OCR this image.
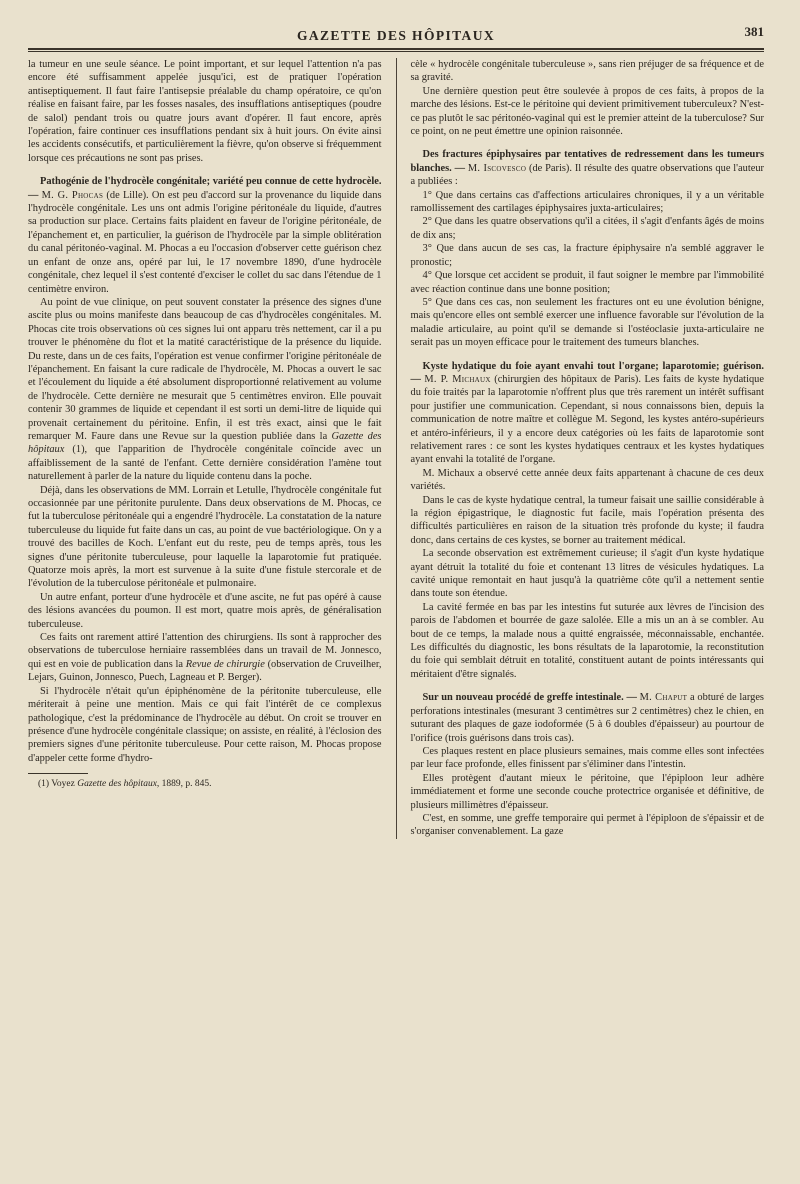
GAZETTE DES HÔPITAUX	381

la tumeur en une seule séance. Le point important, et sur lequel l'attention n'a pas encore été suffisamment appelée jusqu'ici, est de pratiquer l'opération antiseptiquement. Il faut faire l'antisepsie préalable du champ opératoire, ce qu'on réalise en faisant faire, par les fosses nasales, des insufflations antiseptiques (poudre de salol) pendant trois ou quatre jours avant d'opérer. Il faut encore, après l'opération, faire continuer ces insufflations pendant six à huit jours. On évite ainsi les accidents consécutifs, et particulièrement la fièvre, qu'on observe si fréquemment lorsque ces précautions ne sont pas prises.

Pathogénie de l'hydrocèle congénitale; variété peu connue de cette hydrocèle. — M. G. Phocas (de Lille). On est peu d'accord sur la provenance du liquide dans l'hydrocèle congénitale. Les uns ont admis l'origine péritonéale du liquide, d'autres sa production sur place. Certains faits plaident en faveur de l'origine péritonéale, de l'épanchement et, en particulier, la guérison de l'hydrocèle par la simple oblitération du canal péritonéo-vaginal. M. Phocas a eu l'occasion d'observer cette guérison chez un enfant de onze ans, opéré par lui, le 17 novembre 1890, d'une hydrocèle congénitale, chez lequel il s'est contenté d'exciser le collet du sac dans l'étendue de 1 centimètre environ.

Au point de vue clinique, on peut souvent constater la présence des signes d'une ascite plus ou moins manifeste dans beaucoup de cas d'hydrocèles congénitales. M. Phocas cite trois observations où ces signes lui ont apparu très nettement, car il a pu trouver le phénomène du flot et la matité caractéristique de la présence du liquide. Du reste, dans un de ces faits, l'opération est venue confirmer l'origine péritonéale de l'épanchement. En faisant la cure radicale de l'hydrocèle, M. Phocas a ouvert le sac et l'écoulement du liquide a été absolument disproportionné relativement au volume de l'hydrocèle. Cette dernière ne mesurait que 5 centimètres environ. Elle pouvait contenir 30 grammes de liquide et cependant il est sorti un demi-litre de liquide qui provenait certainement du péritoine. Enfin, il est très exact, ainsi que le fait remarquer M. Faure dans une Revue sur la question publiée dans la Gazette des hôpitaux (1), que l'apparition de l'hydrocèle congénitale coïncide avec un affaiblissement de la santé de l'enfant. Cette dernière considération l'amène tout naturellement à parler de la nature du liquide contenu dans la poche.

Déjà, dans les observations de MM. Lorrain et Letulle, l'hydrocèle congénitale fut occasionnée par une péritonite purulente. Dans deux observations de M. Phocas, ce fut la tuberculose péritonéale qui a engendré l'hydrocèle. La constatation de la nature tuberculeuse du liquide fut faite dans un cas, au point de vue bactériologique. On y a trouvé des bacilles de Koch. L'enfant eut du reste, peu de temps après, tous les signes d'une péritonite tuberculeuse, pour laquelle la laparotomie fut pratiquée. Quatorze mois après, la mort est survenue à la suite d'une fistule stercorale et de l'évolution de la tuberculose péritonéale et pulmonaire.

Un autre enfant, porteur d'une hydrocèle et d'une ascite, ne fut pas opéré à cause des lésions avancées du poumon. Il est mort, quatre mois après, de généralisation tuberculeuse.

Ces faits ont rarement attiré l'attention des chirurgiens. Ils sont à rapprocher des observations de tuberculose herniaire rassemblées dans un travail de M. Jonnesco, qui est en voie de publication dans la Revue de chirurgie (observation de Cruveilher, Lejars, Guinon, Jonnesco, Puech, Lagneau et P. Berger).

Si l'hydrocèle n'était qu'un épiphénomène de la péritonite tuberculeuse, elle mériterait à peine une mention. Mais ce qui fait l'intérêt de ce complexus pathologique, c'est la prédominance de l'hydrocèle au début. On croit se trouver en présence d'une hydrocèle congénitale classique; on assiste, en réalité, à l'éclosion des premiers signes d'une péritonite tuberculeuse. Pour cette raison, M. Phocas propose d'appeler cette forme d'hydro-

(1) Voyez Gazette des hôpitaux, 1889, p. 845.

cèle « hydrocèle congénitale tuberculeuse », sans rien préjuger de sa fréquence et de sa gravité.

Une dernière question peut être soulevée à propos de ces faits, à propos de la marche des lésions. Est-ce le péritoine qui devient primitivement tuberculeux? N'est-ce pas plutôt le sac péritonéo-vaginal qui est le premier atteint de la tuberculose? Sur ce point, on ne peut émettre une opinion raisonnée.

Des fractures épiphysaires par tentatives de redressement dans les tumeurs blanches. — M. Iscovesco (de Paris). Il résulte des quatre observations que l'auteur a publiées :

1° Que dans certains cas d'affections articulaires chroniques, il y a un véritable ramollissement des cartilages épiphysaires juxta-articulaires;

2° Que dans les quatre observations qu'il a citées, il s'agit d'enfants âgés de moins de dix ans;

3° Que dans aucun de ses cas, la fracture épiphysaire n'a semblé aggraver le pronostic;

4° Que lorsque cet accident se produit, il faut soigner le membre par l'immobilité avec réaction continue dans une bonne position;

5° Que dans ces cas, non seulement les fractures ont eu une évolution bénigne, mais qu'encore elles ont semblé exercer une influence favorable sur l'évolution de la maladie articulaire, au point qu'il se demande si l'ostéoclasie juxta-articulaire ne serait pas un moyen efficace pour le traitement des tumeurs blanches.

Kyste hydatique du foie ayant envahi tout l'organe; laparotomie; guérison. — M. P. Michaux (chirurgien des hôpitaux de Paris). Les faits de kyste hydatique du foie traités par la laparotomie n'offrent plus que très rarement un intérêt suffisant pour justifier une communication. Cependant, si nous connaissons bien, depuis la communication de notre maître et collègue M. Segond, les kystes antéro-supérieurs et antéro-inférieurs, il y a encore deux catégories où les faits de laparotomie sont relativement rares : ce sont les kystes hydatiques centraux et les kystes hydatiques ayant envahi la totalité de l'organe.

M. Michaux a observé cette année deux faits appartenant à chacune de ces deux variétés.

Dans le cas de kyste hydatique central, la tumeur faisait une saillie considérable à la région épigastrique, le diagnostic fut facile, mais l'opération présenta des difficultés particulières en raison de la situation très profonde du kyste; il faudra donc, dans certains de ces kystes, se borner au traitement médical.

La seconde observation est extrêmement curieuse; il s'agit d'un kyste hydatique ayant détruit la totalité du foie et contenant 13 litres de vésicules hydatiques. La cavité unique remontait en haut jusqu'à la quatrième côte qu'il a nettement sentie dans toute son étendue.

La cavité fermée en bas par les intestins fut suturée aux lèvres de l'incision des parois de l'abdomen et bourrée de gaze salolée. Elle a mis un an à se combler. Au bout de ce temps, la malade nous a quitté engraissée, méconnaissable, enchantée. Les difficultés du diagnostic, les bons résultats de la laparotomie, la reconstitution du foie qui semblait détruit en totalité, constituent autant de points intéressants qui méritaient d'être signalés.

Sur un nouveau procédé de greffe intestinale. — M. Chaput a obturé de larges perforations intestinales (mesurant 3 centimètres sur 2 centimètres) chez le chien, en suturant des plaques de gaze iodoformée (5 à 6 doubles d'épaisseur) au pourtour de l'orifice (trois guérisons dans trois cas).

Ces plaques restent en place plusieurs semaines, mais comme elles sont infectées par leur face profonde, elles finissent par s'éliminer dans l'intestin.

Elles protègent d'autant mieux le péritoine, que l'épiploon leur adhère immédiatement et forme une seconde couche protectrice organisée et définitive, de plusieurs millimètres d'épaisseur.

C'est, en somme, une greffe temporaire qui permet à l'épiploon de s'épaissir et de s'organiser convenablement. La gaze
